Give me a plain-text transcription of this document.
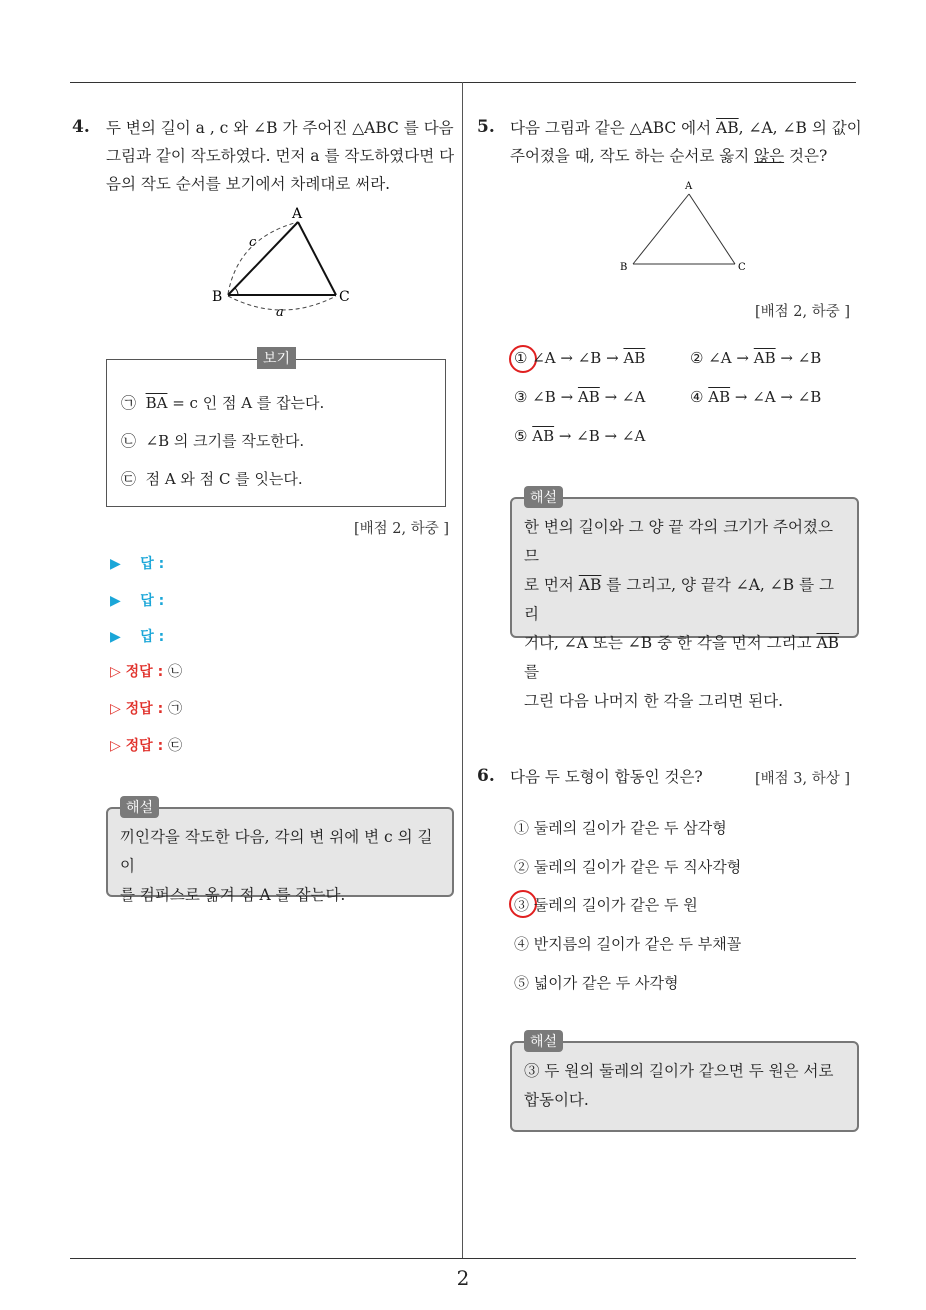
2
4. 두 변의 길이 a , c 와 ∠B 가 주어진 △ABC 를 다음
그림과 같이 작도하였다. 먼저 a 를 작도하였다면 다
음의 작도 순서를 보기에서 차례대로 써라.
A
B	C
c
a
보기
㉠ $\overline{BA} = c$ 인 점 A 를 잡는다.
㉡ ∠B 의 크기를 작도한다.
㉢ 점 A 와 점 C 를 잇는다.
[배점 2, 하중 ]
▶ 답 :
▶ 답 :
▶ 답 :
▷ 정답 : ㉡
▷ 정답 : ㉠
▷ 정답 : ㉢
해설
끼인각을 작도한 다음, 각의 변 위에 변 c 의 길이
를 컴퍼스로 옮겨 점 A 를 잡는다.
5. 다음 그림과 같은 △ABC 에서 $\overline{AB}$, ∠A, ∠B 의 값이
주어졌을 때, 작도 하는 순서로 옳지 않은 것은?
A
B	C
[배점 2, 하중 ]
① ∠A → ∠B → $\overline{AB}$	② ∠A → $\overline{AB}$ → ∠B
③ ∠B → $\overline{AB}$ → ∠A	④ $\overline{AB}$ → ∠A → ∠B
⑤ $\overline{AB}$ → ∠B → ∠A
해설
한 변의 길이와 그 양 끝 각의 크기가 주어졌으므
로 먼저 $\overline{AB}$ 를 그리고, 양 끝각 ∠A, ∠B 를 그리
거나, ∠A 또는 ∠B 중 한 각을 먼저 그리고 $\overline{AB}$ 를
그린 다음 나머지 한 각을 그리면 된다.
6. 다음 두 도형이 합동인 것은?	[배점 3, 하상 ]
① 둘레의 길이가 같은 두 삼각형
② 둘레의 길이가 같은 두 직사각형
③ 둘레의 길이가 같은 두 원
④ 반지름의 길이가 같은 두 부채꼴
⑤ 넓이가 같은 두 사각형
해설
③ 두 원의 둘레의 길이가 같으면 두 원은 서로
합동이다.
